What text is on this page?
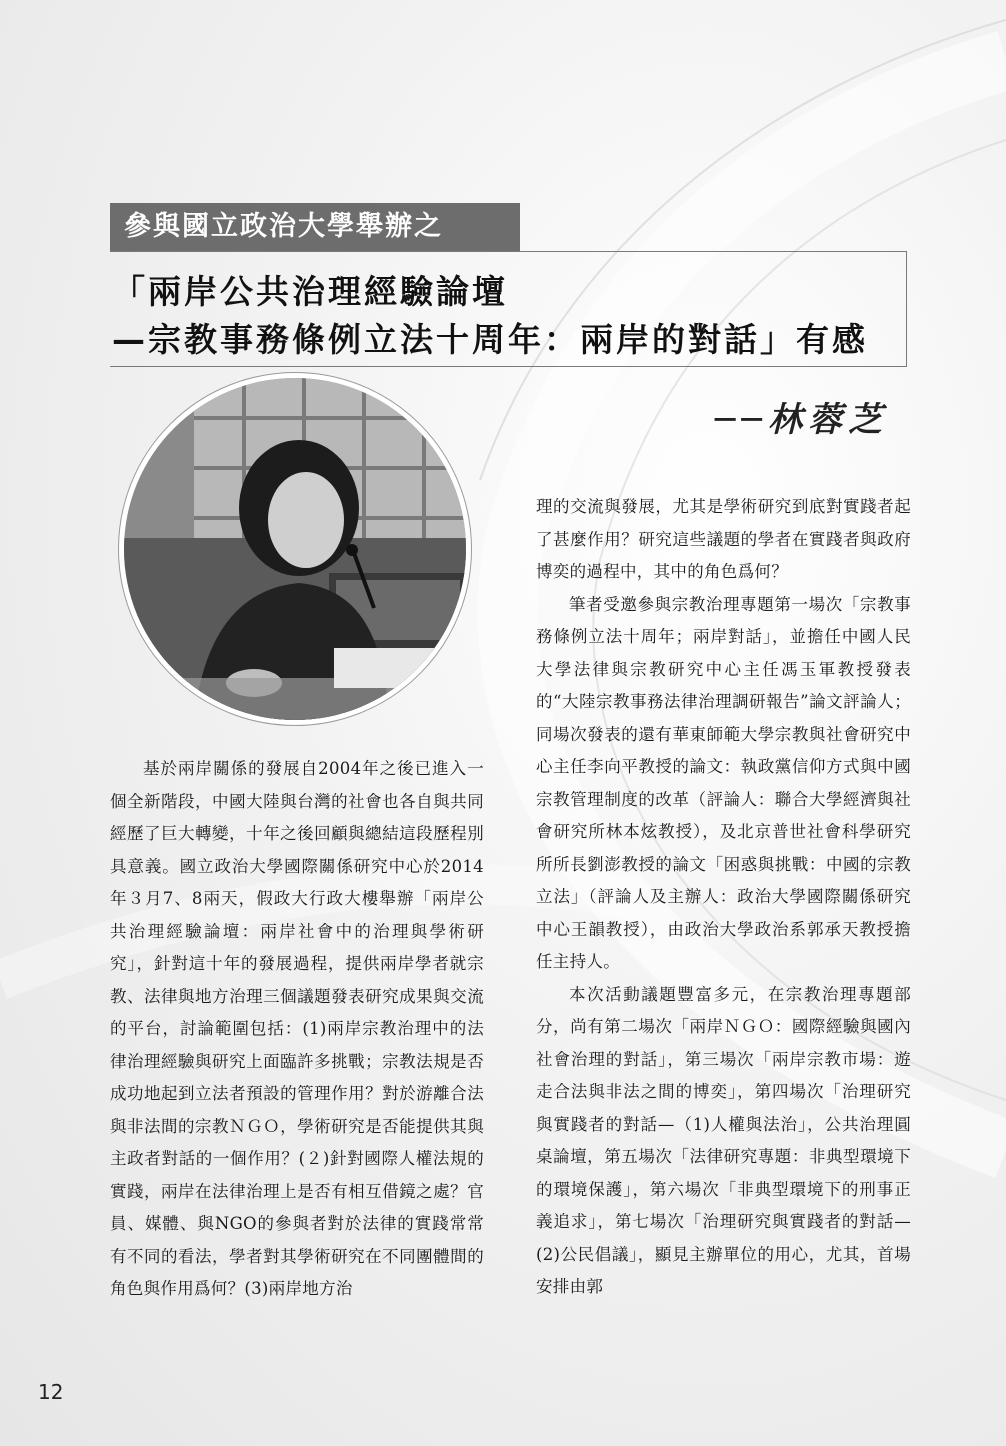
參與國立政治大學舉辦之
「兩岸公共治理經驗論壇
—宗教事務條例立法十周年：兩岸的對話」有感
──林蓉芝

基於兩岸關係的發展自2004年之後已進入一個全新階段，中國大陸與台灣的社會也各自與共同經歷了巨大轉變，十年之後回顧與總結這段歷程別具意義。國立政治大學國際關係研究中心於2014年３月7、8兩天，假政大行政大樓舉辦「兩岸公共治理經驗論壇：兩岸社會中的治理與學術研究」，針對這十年的發展過程，提供兩岸學者就宗教、法律與地方治理三個議題發表研究成果與交流的平台，討論範圍包括：(1)兩岸宗教治理中的法律治理經驗與研究上面臨許多挑戰；宗教法規是否成功地起到立法者預設的管理作用？對於游離合法與非法間的宗教ＮＧＯ，學術研究是否能提供其與主政者對話的一個作用？(２)針對國際人權法規的實踐，兩岸在法律治理上是否有相互借鏡之處？官員、媒體、與NGO的參與者對於法律的實踐常常有不同的看法，學者對其學術研究在不同團體間的角色與作用爲何？(3)兩岸地方治

理的交流與發展，尤其是學術研究到底對實踐者起了甚麼作用？研究這些議題的學者在實踐者與政府博奕的過程中，其中的角色爲何？

筆者受邀參與宗教治理專題第一場次「宗教事務條例立法十周年；兩岸對話」，並擔任中國人民大學法律與宗教研究中心主任馮玉軍教授發表的“大陸宗教事務法律治理調研報告”論文評論人；同場次發表的還有華東師範大學宗教與社會研究中心主任李向平教授的論文：執政黨信仰方式與中國宗教管理制度的改革（評論人：聯合大學經濟與社會研究所林本炫教授），及北京普世社會科學研究所所長劉澎教授的論文「困惑與挑戰：中國的宗教立法」（評論人及主辦人：政治大學國際關係研究中心王韻教授），由政治大學政治系郭承天教授擔任主持人。

本次活動議題豐富多元，在宗教治理專題部分，尚有第二場次「兩岸ＮＧＯ：國際經驗與國內社會治理的對話」，第三場次「兩岸宗教市場：遊走合法與非法之間的博奕」，第四場次「治理研究與實踐者的對話—（1)人權與法治」，公共治理圓桌論壇，第五場次「法律研究專題：非典型環境下的環境保護」，第六場次「非典型環境下的刑事正義追求」，第七場次「治理研究與實踐者的對話—(2)公民倡議」，顯見主辦單位的用心，尤其，首場安排由郭

12
